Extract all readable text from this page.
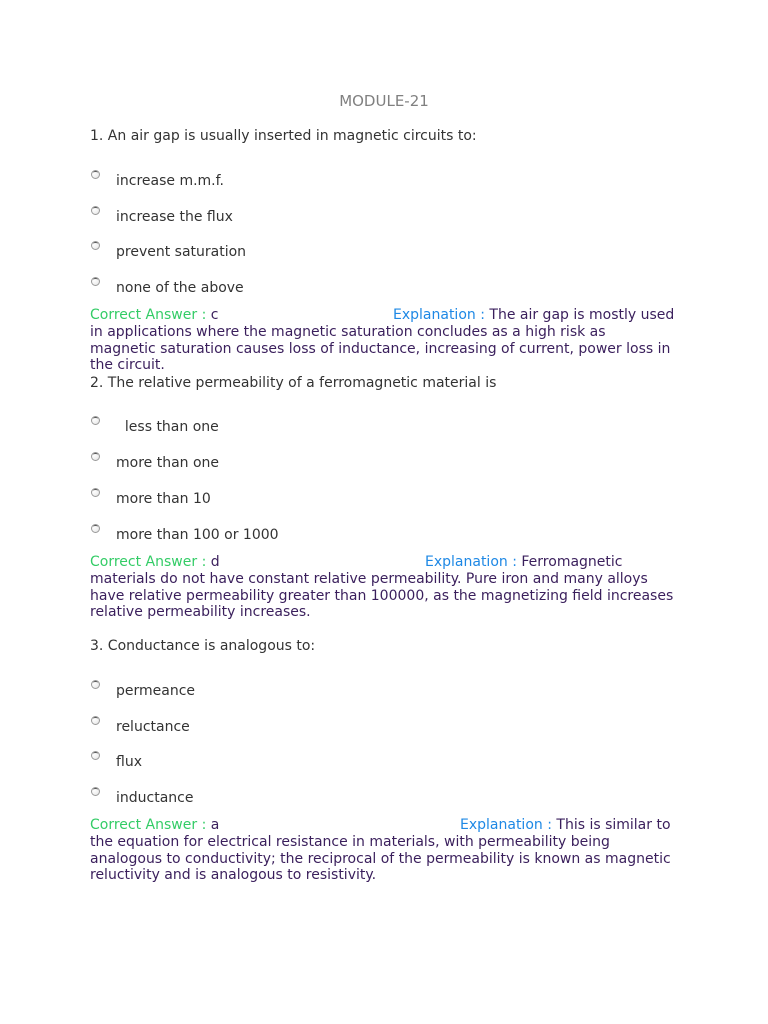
MODULE-21
1. An air gap is usually inserted in magnetic circuits to:
increase m.m.f.
increase the flux
prevent saturation
none of the above
Correct Answer : c	Explanation : The air gap is mostly used
in applications where the magnetic saturation concludes as a high risk as magnetic saturation causes loss of inductance, increasing of current, power loss in the circuit.
2. The relative permeability of a ferromagnetic material is
less than one
more than one
more than 10
more than 100 or 1000
Correct Answer : d	Explanation : Ferromagnetic
materials do not have constant relative permeability. Pure iron and many alloys have relative permeability greater than 100000, as the magnetizing field increases relative permeability increases.
3. Conductance is analogous to:
permeance
reluctance
flux
inductance
Correct Answer : a	Explanation : This is similar to
the equation for electrical resistance in materials, with permeability being analogous to conductivity; the reciprocal of the permeability is known as magnetic reluctivity and is analogous to resistivity.
